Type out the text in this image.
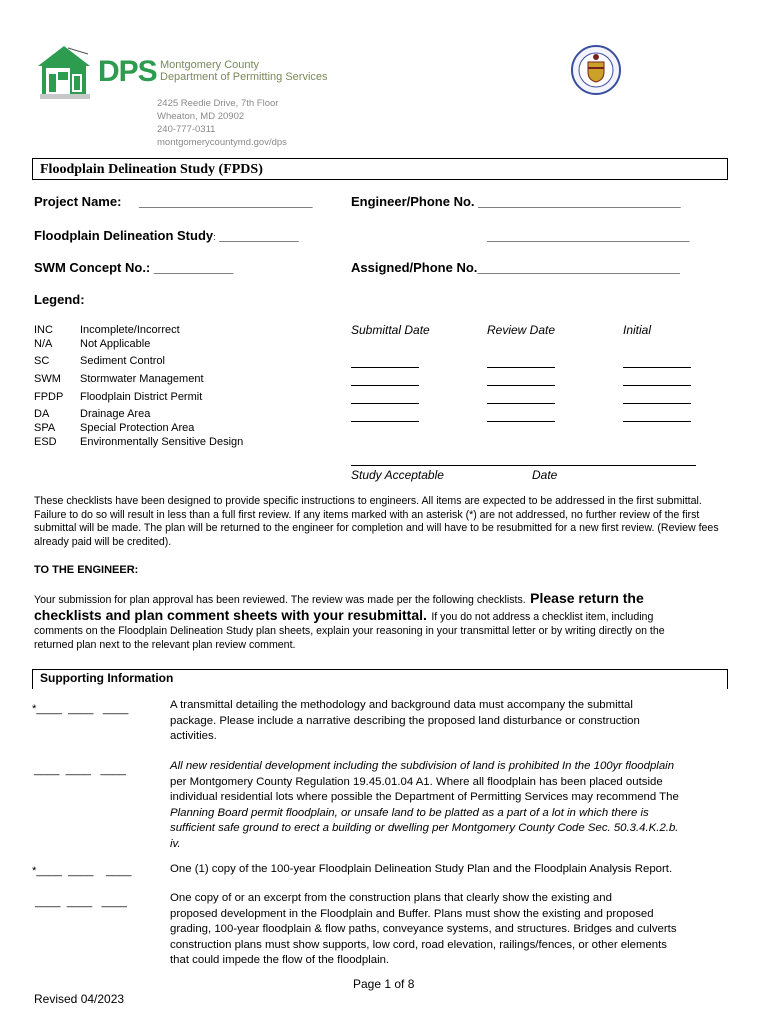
DPS Montgomery County
Department of Permitting Services
2425 Reedie Drive, 7th Floor
Wheaton, MD 20902
240-777-0311
montgomerycountymd.gov/dps
Floodplain Delineation Study (FPDS)
Project Name: ________________________	Engineer/Phone No. ____________________________
Floodplain Delineation Study: ___________	____________________________
SWM Concept No.: ___________	Assigned/Phone No.____________________________
Legend:
INC Incomplete/Incorrect
N/A	Not Applicable
SC	Sediment Control
SWM Stormwater Management
FPDP Floodplain District Permit
DA	Drainage Area
SPA Special Protection Area
ESD Environmentally Sensitive Design
Submittal Date	Review Date	Initial
Study Acceptable	Date
These checklists have been designed to provide specific instructions to engineers. All items are expected to be addressed in the first submittal. Failure to do so will result in less than a full first review. If any items marked with an asterisk (*) are not addressed, no further review of the first submittal will be made. The plan will be returned to the engineer for completion and will have to be resubmitted for a new first review. (Review fees already paid will be credited).
TO THE ENGINEER:
Your submission for plan approval has been reviewed. The review was made per the following checklists. Please return the
checklists and plan comment sheets with your resubmittal. If you do not address a checklist item, including
comments on the Floodplain Delineation Study plan sheets, explain your reasoning in your transmittal letter or by writing directly on the
returned plan next to the relevant plan review comment.
Supporting Information
*____  ____   ____	A transmittal detailing the methodology and background data must accompany the submittal
package. Please include a narrative describing the proposed land disturbance or construction
activities.
____  ____   ____	All new residential development including the subdivision of land is prohibited In the 100yr floodplain
per Montgomery County Regulation 19.45.01.04 A1. Where all floodplain has been placed outside
individual residential lots where possible the Department of Permitting Services may recommend The
Planning Board permit floodplain, or unsafe land to be platted as a part of a lot in which there is
sufficient safe ground to erect a building or dwelling per Montgomery County Code Sec. 50.3.4.K.2.b.
iv.
*____  ____    ____	One (1) copy of the 100-year Floodplain Delineation Study Plan and the Floodplain Analysis Report.
____  ____   ____	One copy of or an excerpt from the construction plans that clearly show the existing and
proposed development in the Floodplain and Buffer. Plans must show the existing and proposed
grading, 100-year floodplain & flow paths, conveyance systems, and structures. Bridges and culverts
construction plans must show supports, low cord, road elevation, railings/fences, or other elements
that could impede the flow of the floodplain.
Page 1 of 8
Revised 04/2023
